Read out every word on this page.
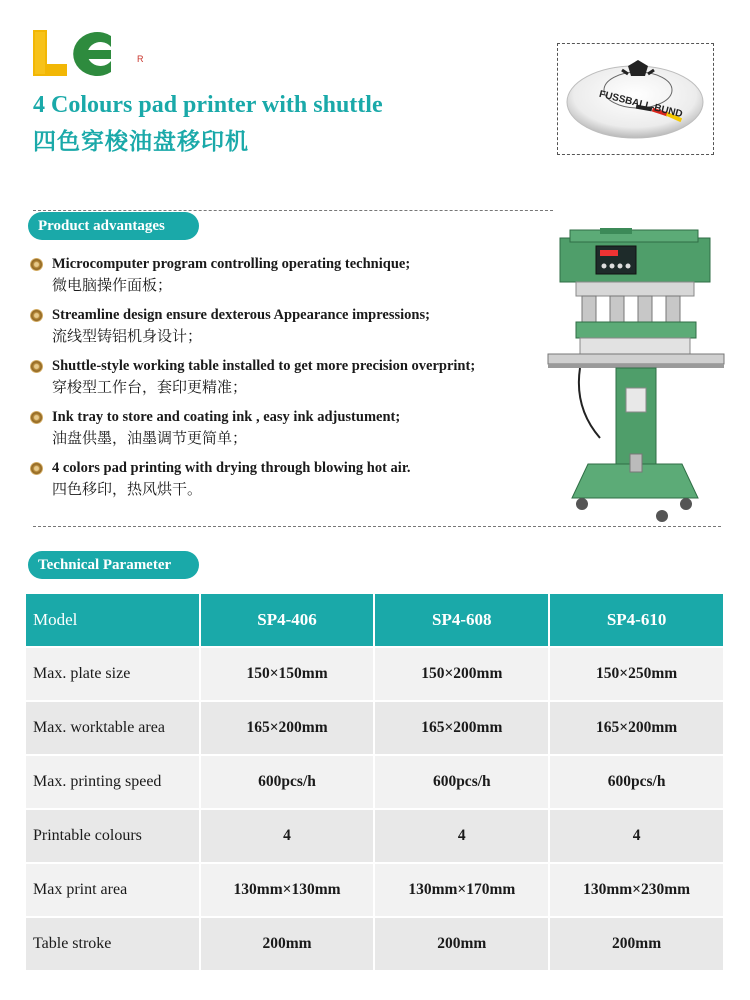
R
4 Colours pad printer with shuttle
四色穿梭油盘移印机
FUSSBALL-BUND
Product advantages
Microcomputer program controlling operating technique;
微电脑操作面板；
Streamline design ensure dexterous Appearance impressions;
流线型铸铝机身设计；
Shuttle-style working table installed to get more precision overprint;
穿梭型工作台，套印更精准；
Ink tray to store and coating ink , easy ink adjustument;
油盘供墨，油墨调节更简单；
4 colors pad printing with drying through blowing hot air.
四色移印，热风烘干。
Technical Parameter
Model	SP4-406	SP4-608	SP4-610
Max. plate size	150×150mm	150×200mm	150×250mm
Max. worktable area	165×200mm	165×200mm	165×200mm
Max. printing speed	600pcs/h	600pcs/h	600pcs/h
Printable colours	4	4	4
Max print area	130mm×130mm	130mm×170mm	130mm×230mm
Table stroke	200mm	200mm	200mm
